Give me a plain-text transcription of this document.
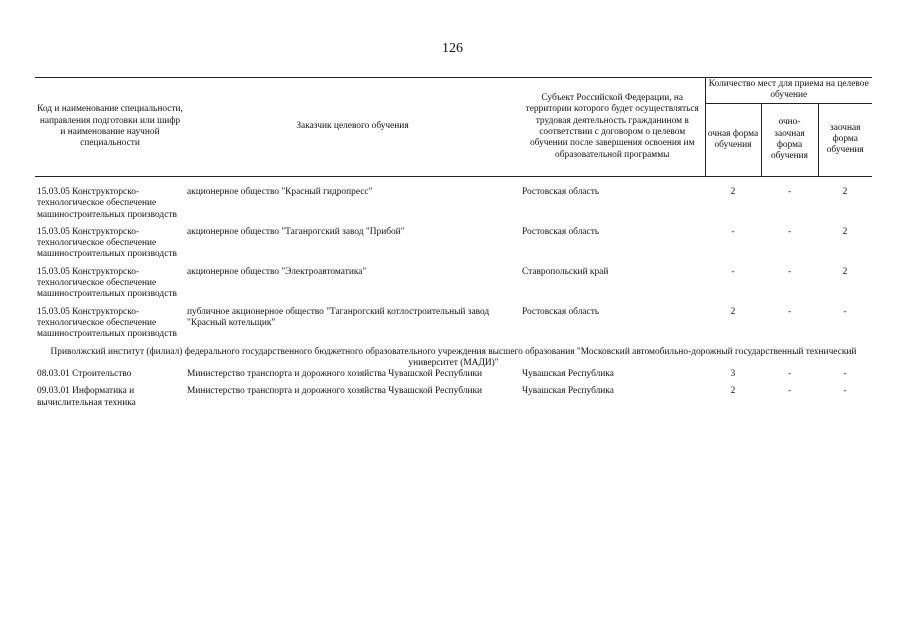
126
Код и наименование специальности, направления подготовки или шифр и наименование научной специальности	Заказчик целевого обучения	Субъект Российской Федерации, на территории которого будет осуществляться трудовая деятельность гражданином в соответствии с договором о целевом обучении после завершения освоения им образовательной программы	Количество мест для приема на целевое обучение		
			очная форма обучения	очно-заочная форма обучения	заочная форма обучения

15.03.05 Конструкторско-технологическое обеспечение машиностроительных производств	акционерное общество "Красный гидропресс"	Ростовская область	2	-	2
15.03.05 Конструкторско-технологическое обеспечение машиностроительных производств	акционерное общество "Таганрогский завод "Прибой"	Ростовская область	-	-	2
15.03.05 Конструкторско-технологическое обеспечение машиностроительных производств	акционерное общество "Электроавтоматика"	Ставропольский край	-	-	2
15.03.05 Конструкторско-технологическое обеспечение машиностроительных производств	публичное акционерное общество "Таганрогский котлостроительный завод "Красный котельщик"	Ростовская область	2	-	-
Приволжский институт (филиал) федерального государственного бюджетного образовательного учреждения высшего образования "Московский автомобильно-дорожный государственный технический университет (МАДИ)"					
08.03.01 Строительство	Министерство транспорта и дорожного хозяйства Чувашской Республики	Чувашская Республика	3	-	-
09.03.01 Информатика и вычислительная техника	Министерство транспорта и дорожного хозяйства Чувашской Республики	Чувашская Республика	2	-	-
